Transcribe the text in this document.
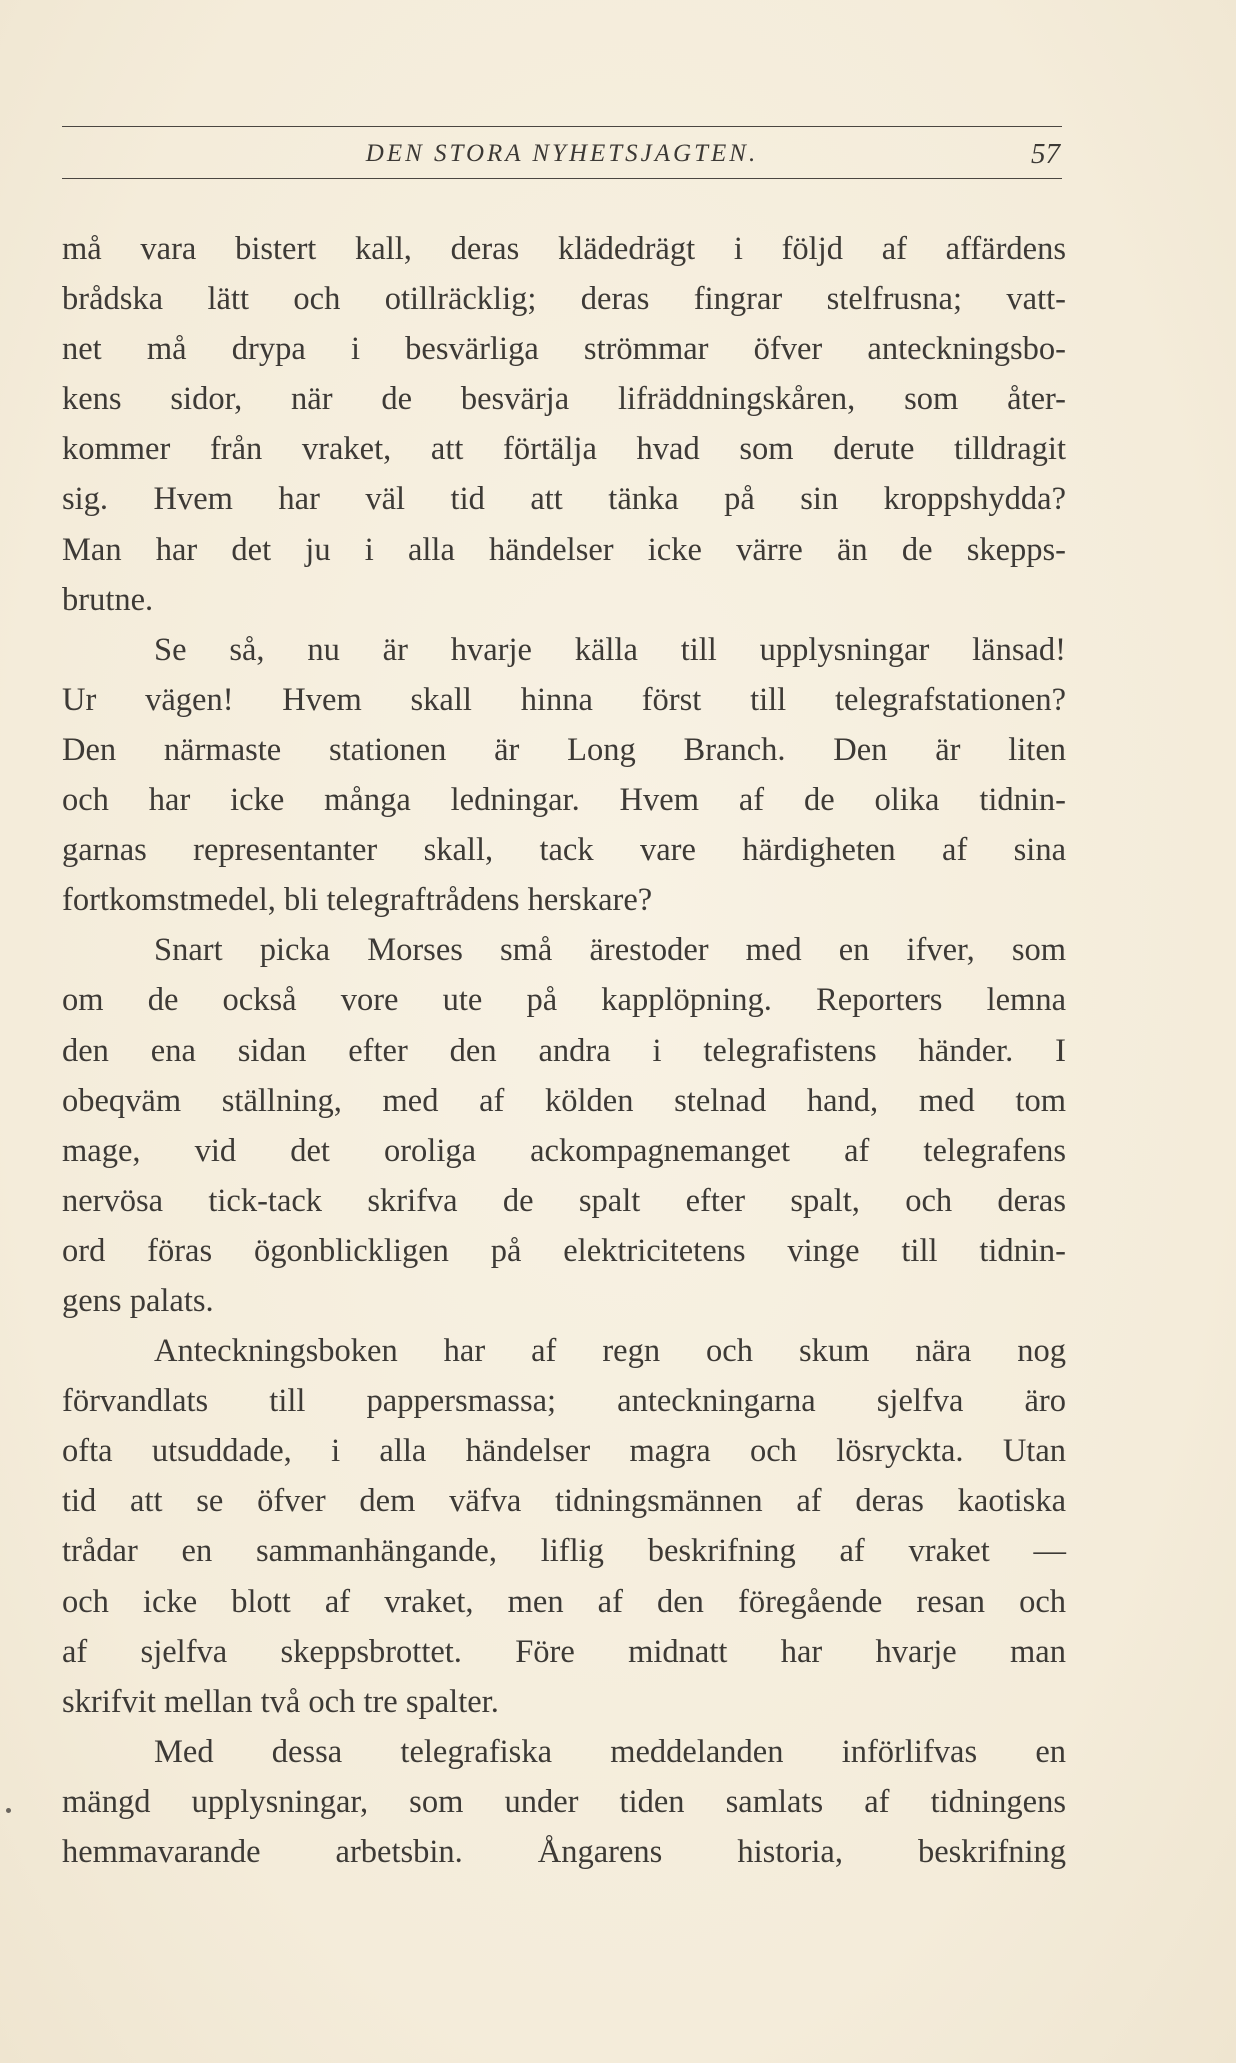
DEN STORA NYHETSJAGTEN.	57
må vara bistert kall, deras klädedrägt i följd af affärdens
brådska lätt och otillräcklig; deras fingrar stelfrusna; vatt-
net må drypa i besvärliga strömmar öfver anteckningsbo-
kens sidor, när de besvärja lifräddningskåren, som åter-
kommer från vraket, att förtälja hvad som derute tilldragit
sig. Hvem har väl tid att tänka på sin kroppshydda?
Man har det ju i alla händelser icke värre än de skepps-
brutne.
Se så, nu är hvarje källa till upplysningar länsad!
Ur vägen! Hvem skall hinna först till telegrafstationen?
Den närmaste stationen är Long Branch. Den är liten
och har icke många ledningar. Hvem af de olika tidnin-
garnas representanter skall, tack vare härdigheten af sina
fortkomstmedel, bli telegraftrådens herskare?
Snart picka Morses små ärestoder med en ifver, som
om de också vore ute på kapplöpning. Reporters lemna
den ena sidan efter den andra i telegrafistens händer. I
obeqväm ställning, med af kölden stelnad hand, med tom
mage, vid det oroliga ackompagnemanget af telegrafens
nervösa tick-tack skrifva de spalt efter spalt, och deras
ord föras ögonblickligen på elektricitetens vinge till tidnin-
gens palats.
Anteckningsboken har af regn och skum nära nog
förvandlats till pappersmassa; anteckningarna sjelfva äro
ofta utsuddade, i alla händelser magra och lösryckta. Utan
tid att se öfver dem väfva tidningsmännen af deras kaotiska
trådar en sammanhängande, liflig beskrifning af vraket —
och icke blott af vraket, men af den föregående resan och
af sjelfva skeppsbrottet. Före midnatt har hvarje man
skrifvit mellan två och tre spalter.
Med dessa telegrafiska meddelanden införlifvas en
mängd upplysningar, som under tiden samlats af tidningens
hemmavarande arbetsbin. Ångarens historia, beskrifning
